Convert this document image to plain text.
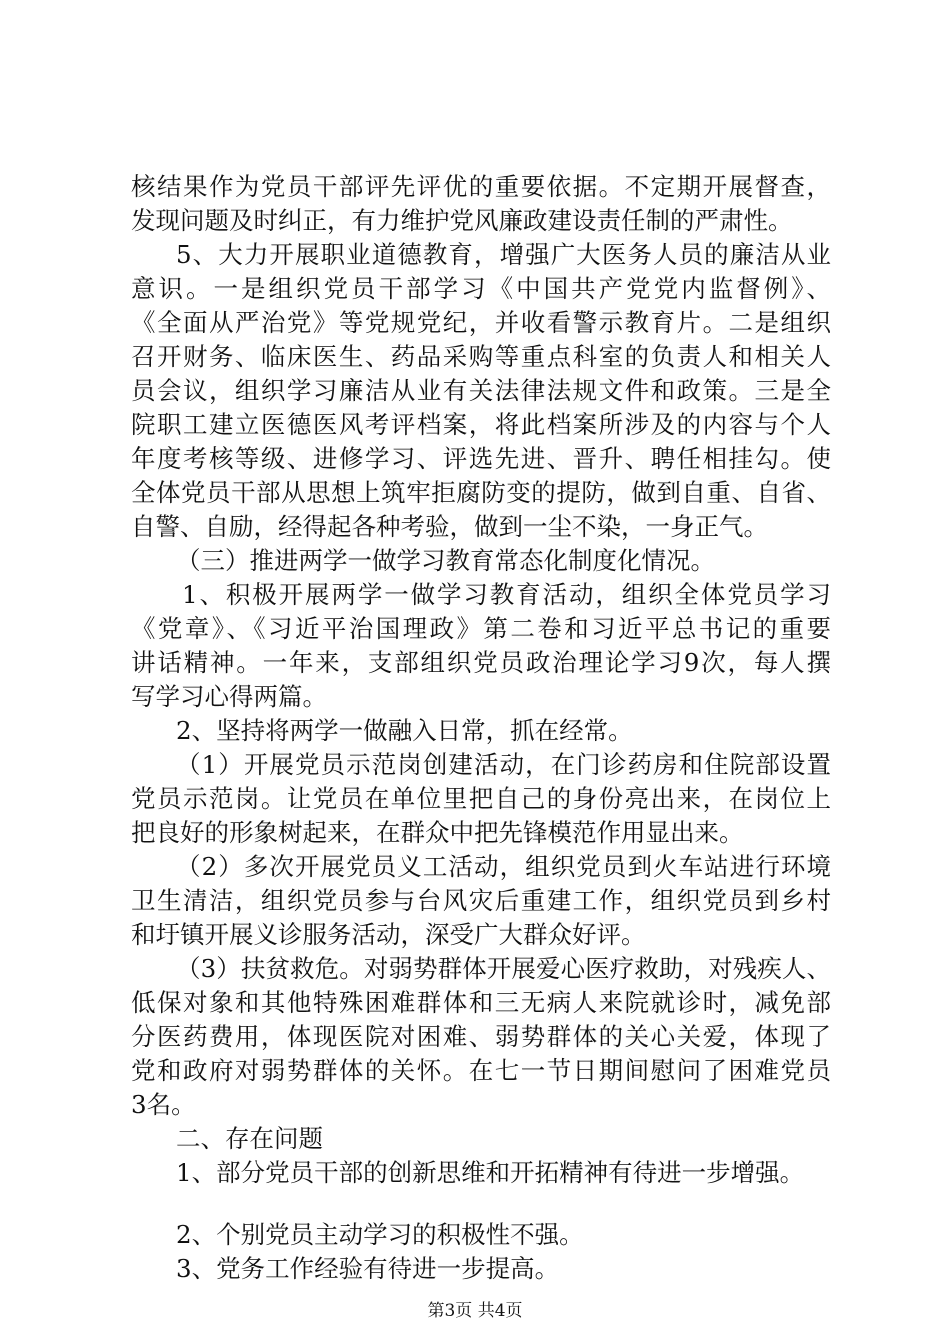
核结果作为党员干部评先评优的重要依据。不定期开展督查，
发现问题及时纠正，有力维护党风廉政建设责任制的严肃性。
5、大力开展职业道德教育，增强广大医务人员的廉洁从业
意识。一是组织党员干部学习《中国共产党党内监督例》、
《全面从严治党》等党规党纪，并收看警示教育片。二是组织
召开财务、临床医生、药品采购等重点科室的负责人和相关人
员会议，组织学习廉洁从业有关法律法规文件和政策。三是全
院职工建立医德医风考评档案，将此档案所涉及的内容与个人
年度考核等级、进修学习、评选先进、晋升、聘任相挂勾。使
全体党员干部从思想上筑牢拒腐防变的提防，做到自重、自省、
自警、自励，经得起各种考验，做到一尘不染，一身正气。
（三）推进两学一做学习教育常态化制度化情况。
1、积极开展两学一做学习教育活动，组织全体党员学习
《党章》、《习近平治国理政》第二卷和习近平总书记的重要
讲话精神。一年来，支部组织党员政治理论学习9次，每人撰
写学习心得两篇。
2、坚持将两学一做融入日常，抓在经常。
（1）开展党员示范岗创建活动，在门诊药房和住院部设置
党员示范岗。让党员在单位里把自己的身份亮出来，在岗位上
把良好的形象树起来，在群众中把先锋模范作用显出来。
（2）多次开展党员义工活动，组织党员到火车站进行环境
卫生清洁，组织党员参与台风灾后重建工作，组织党员到乡村
和圩镇开展义诊服务活动，深受广大群众好评。
（3）扶贫救危。对弱势群体开展爱心医疗救助，对残疾人、
低保对象和其他特殊困难群体和三无病人来院就诊时，减免部
分医药费用，体现医院对困难、弱势群体的关心关爱，体现了
党和政府对弱势群体的关怀。在七一节日期间慰问了困难党员
3名。
二、存在问题
1、部分党员干部的创新思维和开拓精神有待进一步增强。
2、个别党员主动学习的积极性不强。
3、党务工作经验有待进一步提高。
第3页 共4页
